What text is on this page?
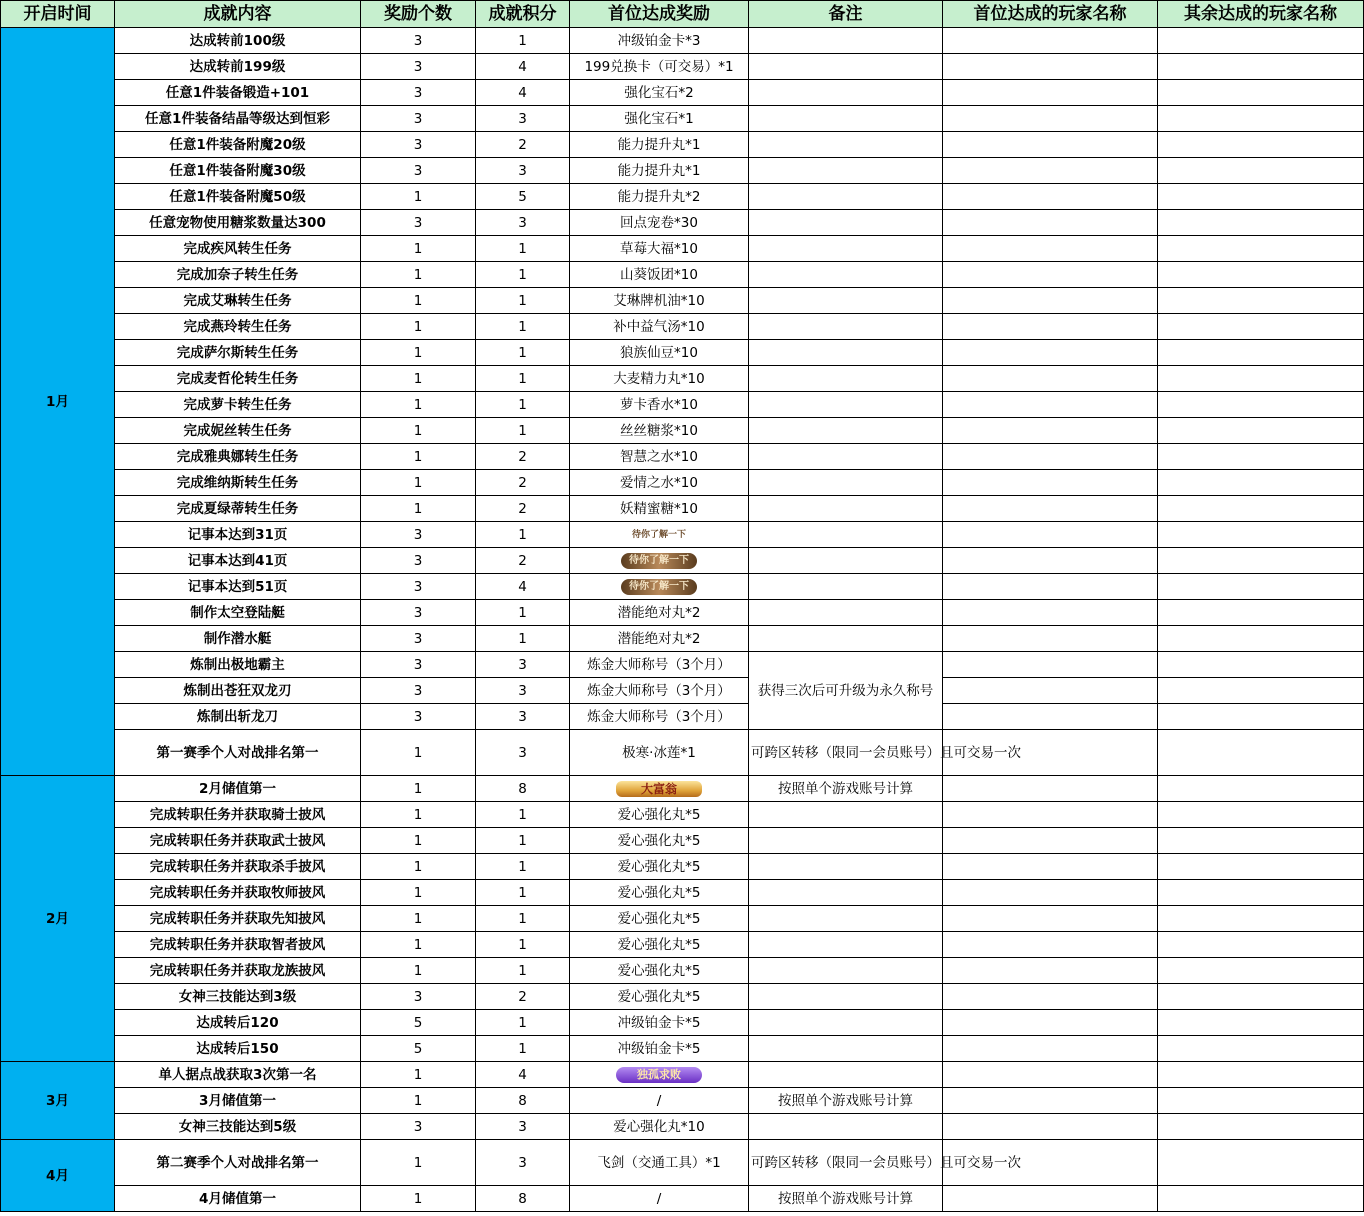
开启时间	成就内容	奖励个数	成就积分	首位达成奖励	备注	首位达成的玩家名称	其余达成的玩家名称
1月	达成转前100级	3	1	冲级铂金卡*3			
	达成转前199级	3	4	199兑换卡（可交易）*1			
	任意1件装备锻造+101	3	4	强化宝石*2			
	任意1件装备结晶等级达到恒彩	3	3	强化宝石*1			
	任意1件装备附魔20级	3	2	能力提升丸*1			
	任意1件装备附魔30级	3	3	能力提升丸*1			
	任意1件装备附魔50级	1	5	能力提升丸*2			
	任意宠物使用糖浆数量达300	3	3	回点宠卷*30			
	完成疾风转生任务	1	1	草莓大福*10			
	完成加奈子转生任务	1	1	山葵饭团*10			
	完成艾琳转生任务	1	1	艾琳牌机油*10			
	完成燕玲转生任务	1	1	补中益气汤*10			
	完成萨尔斯转生任务	1	1	狼族仙豆*10			
	完成麦哲伦转生任务	1	1	大麦精力丸*10			
	完成萝卡转生任务	1	1	萝卡香水*10			
	完成妮丝转生任务	1	1	丝丝糖浆*10			
	完成雅典娜转生任务	1	2	智慧之水*10			
	完成维纳斯转生任务	1	2	爱情之水*10			
	完成夏绿蒂转生任务	1	2	妖精蜜糖*10			
	记事本达到31页	3	1	待你了解一下			
	记事本达到41页	3	2	待你了解一下			
	记事本达到51页	3	4	待你了解一下			
	制作太空登陆艇	3	1	潜能绝对丸*2			
	制作潜水艇	3	1	潜能绝对丸*2			
	炼制出极地霸主	3	3	炼金大师称号（3个月）	获得三次后可升级为永久称号		
	炼制出苍狂双龙刃	3	3	炼金大师称号（3个月）			
	炼制出斩龙刀	3	3	炼金大师称号（3个月）			
	第一赛季个人对战排名第一	1	3	极寒·冰莲*1	可跨区转移（限同一会员账号）且可交易一次		
2月	2月储值第一	1	8	大富翁	按照单个游戏账号计算		
	完成转职任务并获取骑士披风	1	1	爱心强化丸*5			
	完成转职任务并获取武士披风	1	1	爱心强化丸*5			
	完成转职任务并获取杀手披风	1	1	爱心强化丸*5			
	完成转职任务并获取牧师披风	1	1	爱心强化丸*5			
	完成转职任务并获取先知披风	1	1	爱心强化丸*5			
	完成转职任务并获取智者披风	1	1	爱心强化丸*5			
	完成转职任务并获取龙族披风	1	1	爱心强化丸*5			
	女神三技能达到3级	3	2	爱心强化丸*5			
	达成转后120	5	1	冲级铂金卡*5			
	达成转后150	5	1	冲级铂金卡*5			
3月	单人据点战获取3次第一名	1	4	独孤求败			
	3月储值第一	1	8	/	按照单个游戏账号计算		
	女神三技能达到5级	3	3	爱心强化丸*10			
4月	第二赛季个人对战排名第一	1	3	飞剑（交通工具）*1	可跨区转移（限同一会员账号）且可交易一次		
	4月储值第一	1	8	/	按照单个游戏账号计算		
